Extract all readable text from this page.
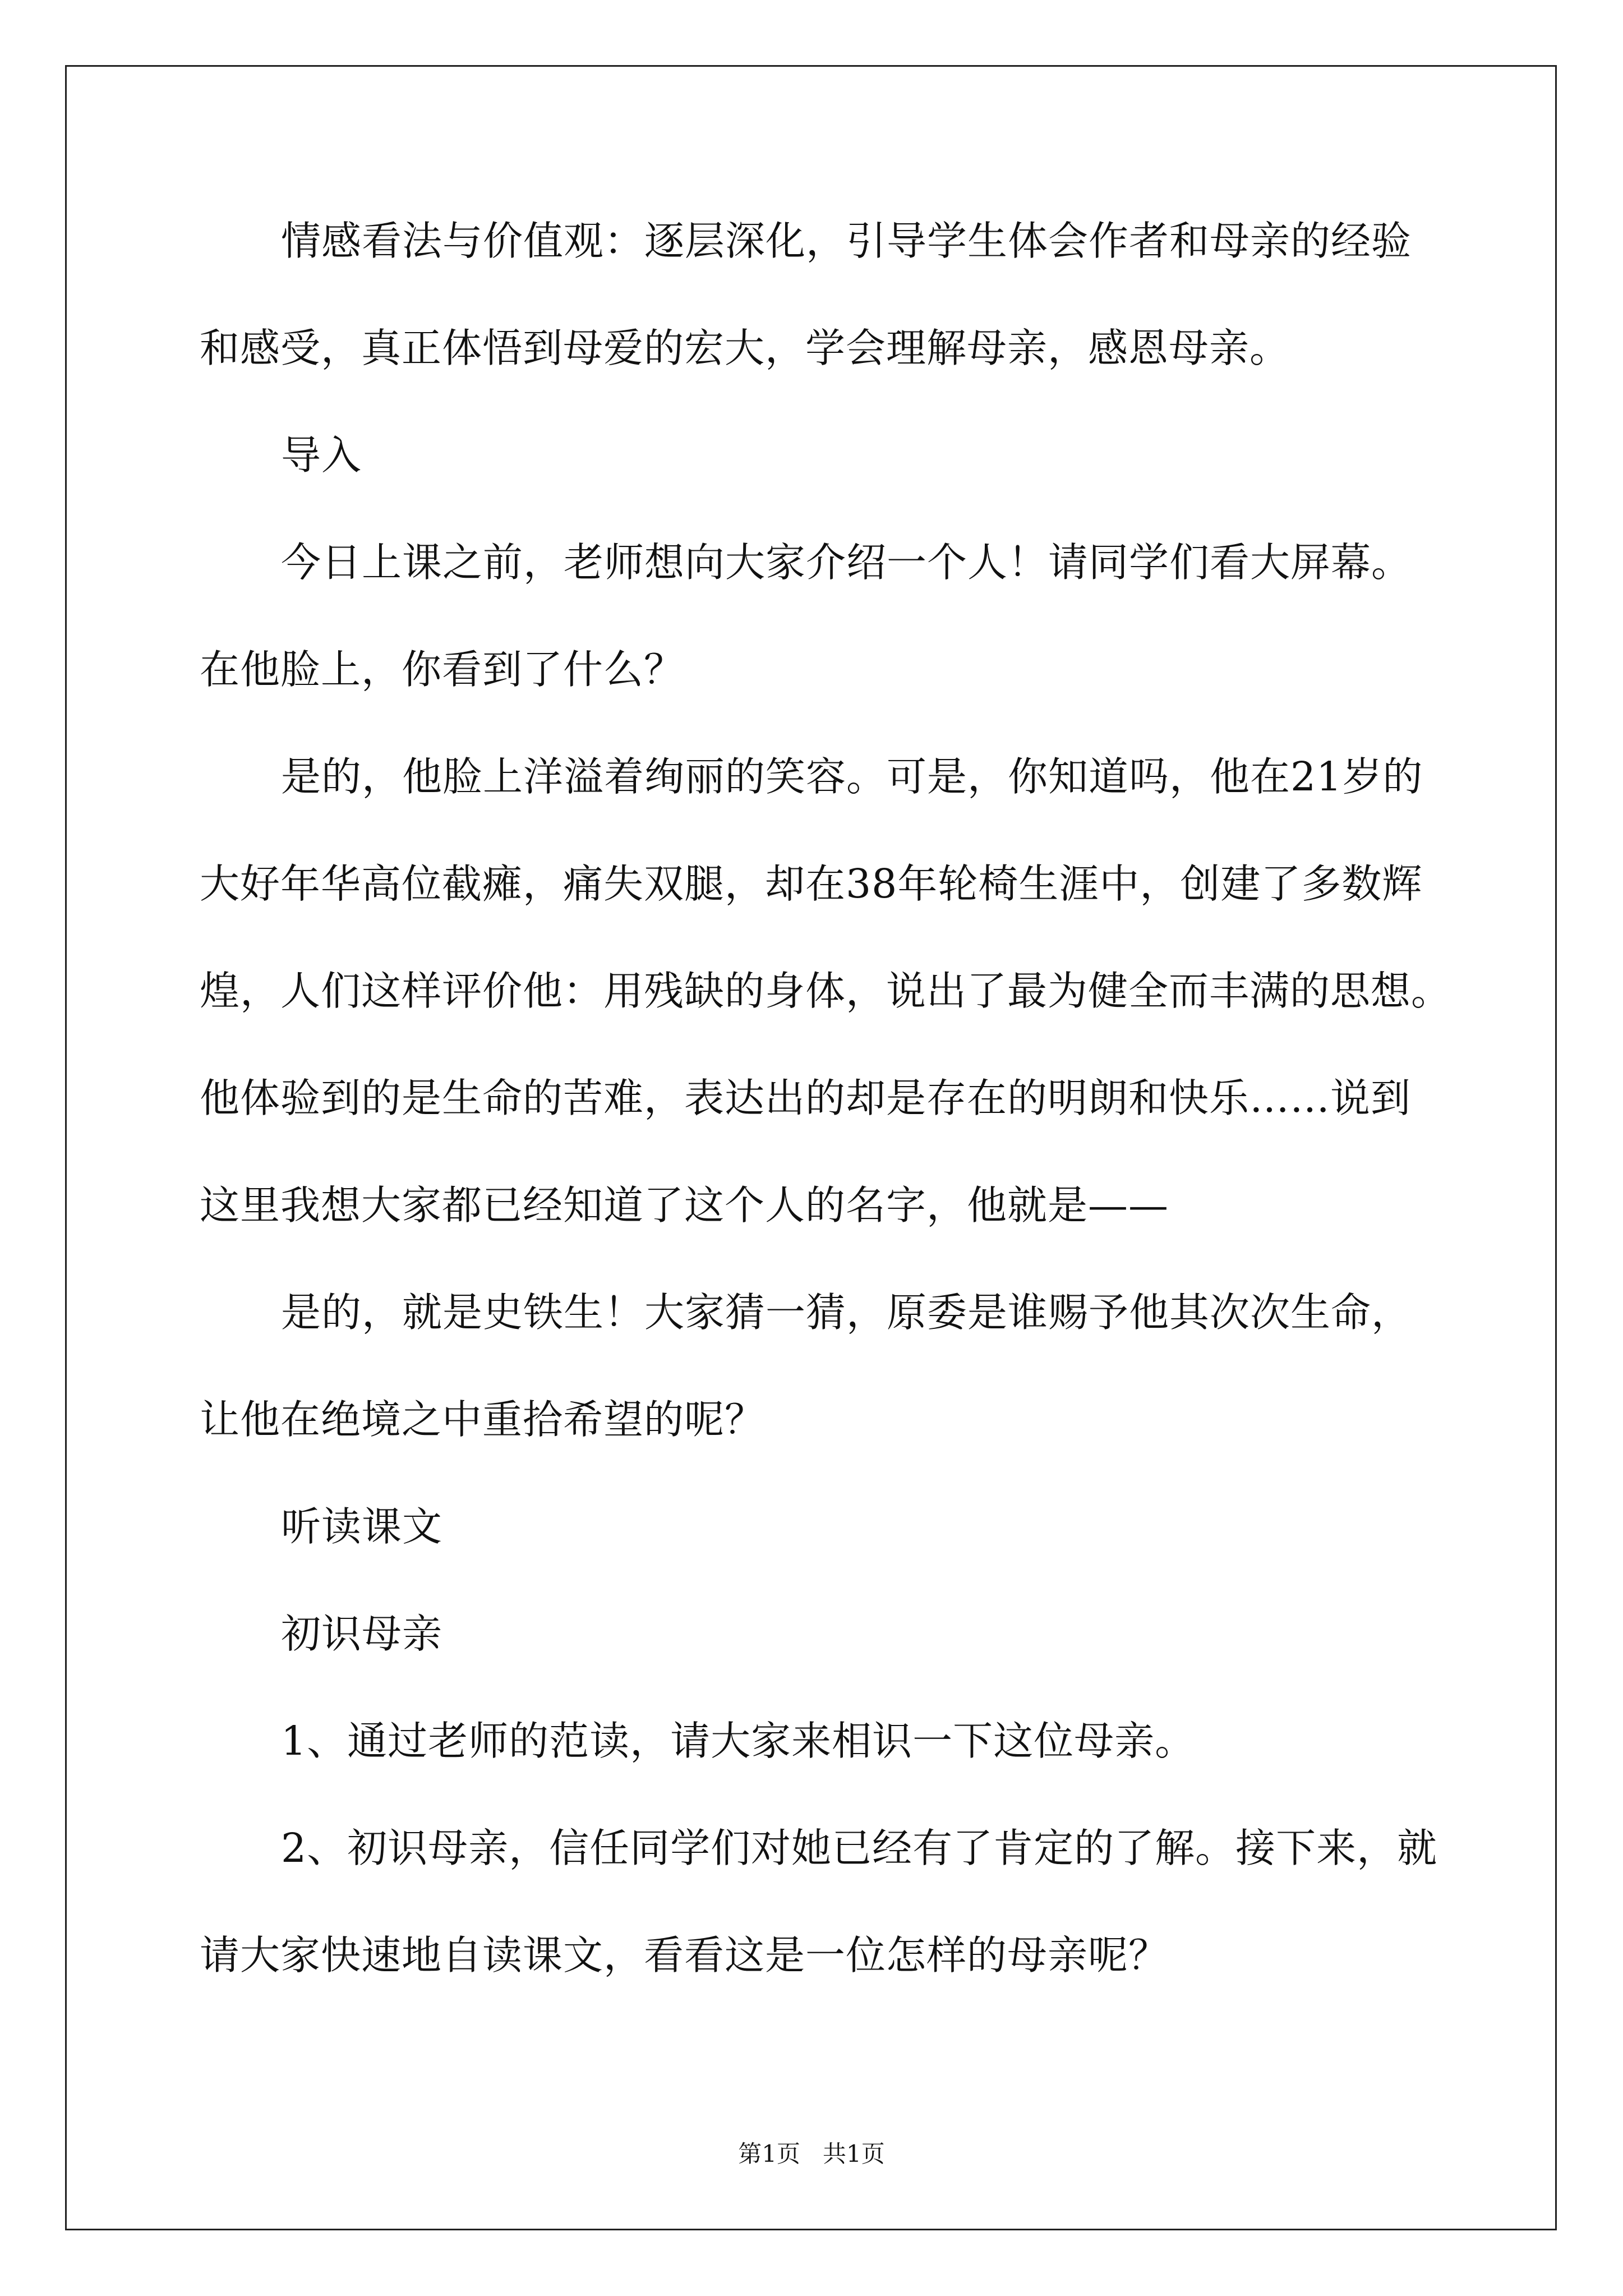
情感看法与价值观：逐层深化，引导学生体会作者和母亲的经验
和感受，真正体悟到母爱的宏大，学会理解母亲，感恩母亲。
导入
今日上课之前，老师想向大家介绍一个人！请同学们看大屏幕。
在他脸上，你看到了什么？
是的，他脸上洋溢着绚丽的笑容。可是，你知道吗，他在21岁的
大好年华高位截瘫，痛失双腿，却在38年轮椅生涯中，创建了多数辉
煌，人们这样评价他：用残缺的身体，说出了最为健全而丰满的思想。
他体验到的是生命的苦难，表达出的却是存在的明朗和快乐……说到
这里我想大家都已经知道了这个人的名字，他就是——
是的，就是史铁生！大家猜一猜，原委是谁赐予他其次次生命，
让他在绝境之中重拾希望的呢？
听读课文
初识母亲
1、通过老师的范读，请大家来相识一下这位母亲。
2、初识母亲，信任同学们对她已经有了肯定的了解。接下来，就
请大家快速地自读课文，看看这是一位怎样的母亲呢？
第1页   共1页
